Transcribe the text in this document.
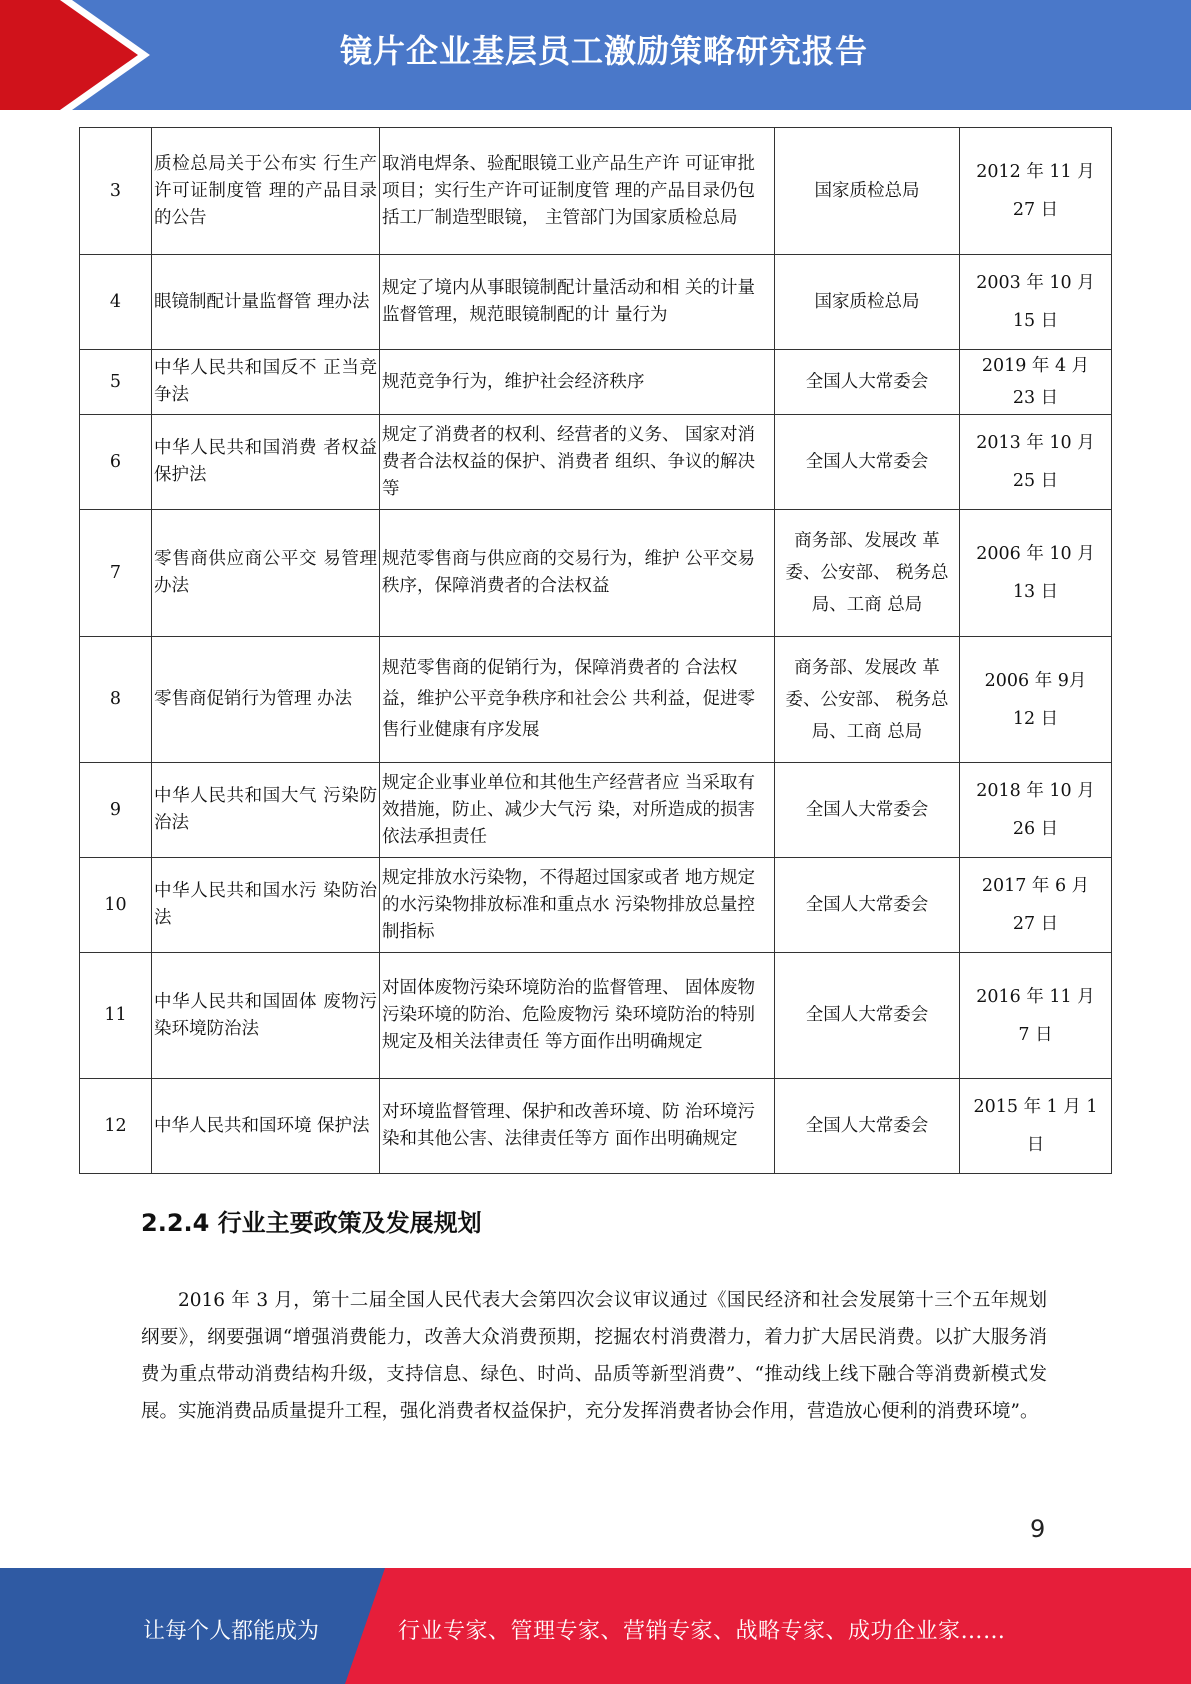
镜片企业基层员工激励策略研究报告
3	质检总局关于公布实 行生产许可证制度管 理的产品目录的公告	取消电焊条、验配眼镜工业产品生产许 可证审批项目；实行生产许可证制度管 理的产品目录仍包括工厂制造型眼镜， 主管部门为国家质检总局	国家质检总局	2012 年 11 月
27 日

4	眼镜制配计量监督管 理办法	规定了境内从事眼镜制配计量活动和相 关的计量监督管理，规范眼镜制配的计 量行为	国家质检总局	2003 年 10 月
15 日

5	中华人民共和国反不 正当竞争法	规范竞争行为，维护社会经济秩序	全国人大常委会	2019 年 4 月
23 日

6	中华人民共和国消费 者权益保护法	规定了消费者的权利、经营者的义务、 国家对消费者合法权益的保护、消费者 组织、争议的解决等	全国人大常委会	2013 年 10 月
25 日

7	零售商供应商公平交 易管理办法	规范零售商与供应商的交易行为，维护 公平交易秩序，保障消费者的合法权益	商务部、发展改 革委、公安部、 税务总局、工商 总局	2006 年 10 月
13 日

8	零售商促销行为管理 办法	规范零售商的促销行为，保障消费者的 合法权益，维护公平竞争秩序和社会公 共利益，促进零售行业健康有序发展	商务部、发展改 革委、公安部、 税务总局、工商 总局	2006 年 9月
12 日

9	中华人民共和国大气 污染防治法	规定企业事业单位和其他生产经营者应 当采取有效措施，防止、减少大气污 染，对所造成的损害依法承担责任	全国人大常委会	2018 年 10 月
26 日

10	中华人民共和国水污 染防治法	规定排放水污染物，不得超过国家或者 地方规定的水污染物排放标准和重点水 污染物排放总量控制指标	全国人大常委会	2017 年 6 月
27 日

11	中华人民共和国固体 废物污染环境防治法	对固体废物污染环境防治的监督管理、 固体废物污染环境的防治、危险废物污 染环境防治的特别规定及相关法律责任 等方面作出明确规定	全国人大常委会	2016 年 11 月
7 日

12	中华人民共和国环境 保护法	对环境监督管理、保护和改善环境、防 治环境污染和其他公害、法律责任等方 面作出明确规定	全国人大常委会	2015 年 1 月 1
日
2.2.4 行业主要政策及发展规划
2016 年 3 月，第十二届全国人民代表大会第四次会议审议通过《国民经济和社会发展第十三个五年规划纲要》，纲要强调“增强消费能力，改善大众消费预期，挖掘农村消费潜力，着力扩大居民消费。以扩大服务消费为重点带动消费结构升级，支持信息、绿色、时尚、品质等新型消费”、“推动线上线下融合等消费新模式发展。实施消费品质量提升工程，强化消费者权益保护，充分发挥消费者协会作用，营造放心便利的消费环境”。
9
让每个人都能成为	行业专家、管理专家、营销专家、战略专家、成功企业家……
